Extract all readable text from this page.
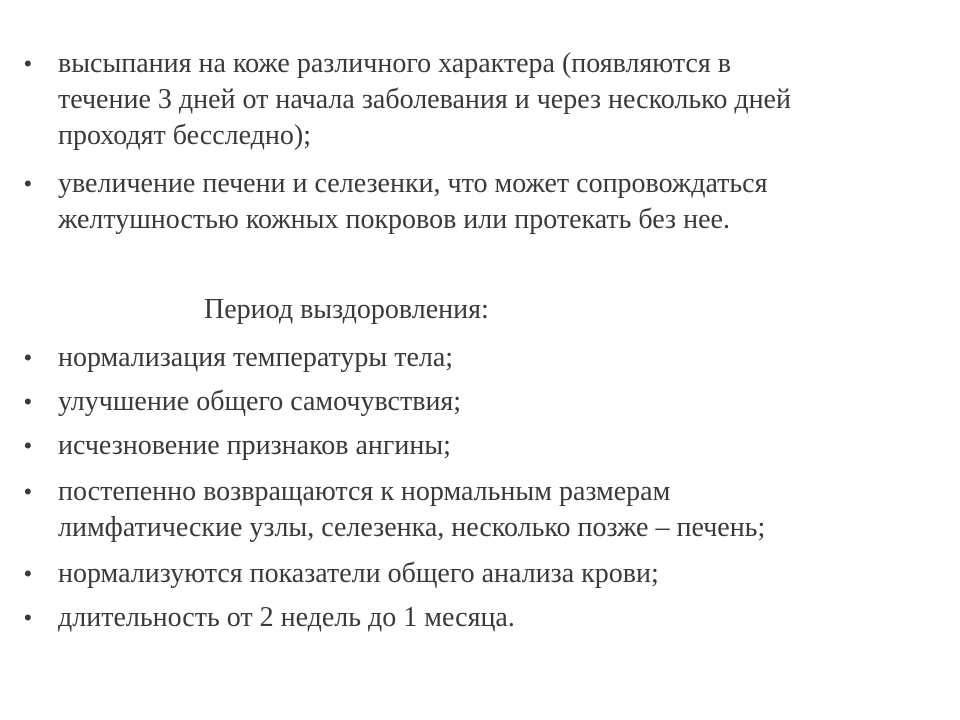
• высыпания на коже различного характера (появляются в
течение 3 дней от начала заболевания и через несколько дней
проходят бесследно);
• увеличение печени и селезенки, что может сопровождаться
желтушностью кожных покровов или протекать без нее.
Период выздоровления:
• нормализация температуры тела;
• улучшение общего самочувствия;
• исчезновение признаков ангины;
• постепенно возвращаются к нормальным размерам
лимфатические узлы, селезенка, несколько позже – печень;
• нормализуются показатели общего анализа крови;
• длительность от 2 недель до 1 месяца.
